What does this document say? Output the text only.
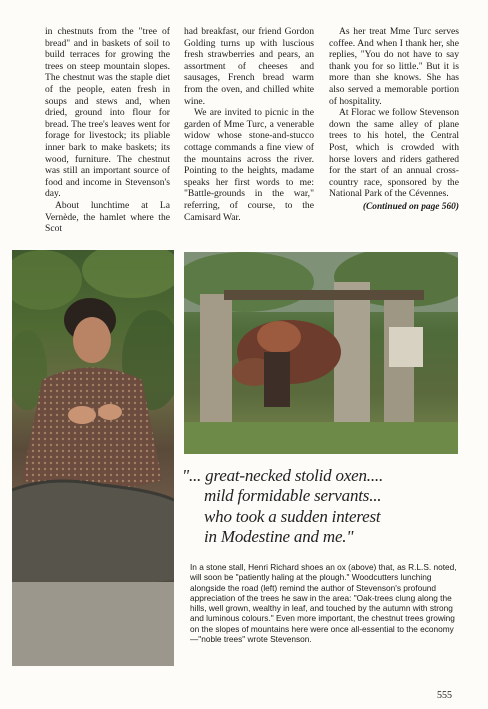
in chestnuts from the "tree of bread" and in baskets of soil to build terraces for growing the trees on steep mountain slopes. The chestnut was the staple diet of the people, eaten fresh in soups and stews and, when dried, ground into flour for bread. The tree's leaves went for forage for livestock; its pliable inner bark to make baskets; its wood, furniture. The chestnut was still an important source of food and income in Stevenson's day.

About lunchtime at La Vernède, the hamlet where the Scot

had breakfast, our friend Gordon Golding turns up with luscious fresh strawberries and pears, an assortment of cheeses and sausages, French bread warm from the oven, and chilled white wine.

We are invited to picnic in the garden of Mme Turc, a venerable widow whose stone-and-stucco cottage commands a fine view of the mountains across the river. Pointing to the heights, madame speaks her first words to me: "Battle-grounds in the war," referring, of course, to the Camisard War.

As her treat Mme Turc serves coffee. And when I thank her, she replies, "You do not have to say thank you for so little." But it is more than she knows. She has also served a memorable portion of hospitality.

At Florac we follow Stevenson down the same alley of plane trees to his hotel, the Central Post, which is crowded with horse lovers and riders gathered for the start of an annual cross-country race, sponsored by the National Park of the Cévennes.

(Continued on page 560)

"... great-necked stolid oxen....
mild formidable servants...
who took a sudden interest
in Modestine and me."
In a stone stall, Henri Richard shoes an ox (above) that, as R.L.S. noted, will soon be "patiently haling at the plough." Woodcutters lunching alongside the road (left) remind the author of Stevenson's profound appreciation of the trees he saw in the area: "Oak-trees clung along the hills, well grown, wealthy in leaf, and touched by the autumn with strong and luminous colours." Even more important, the chestnut trees growing on the slopes of mountains here were once all-essential to the economy—"noble trees" wrote Stevenson.
555
